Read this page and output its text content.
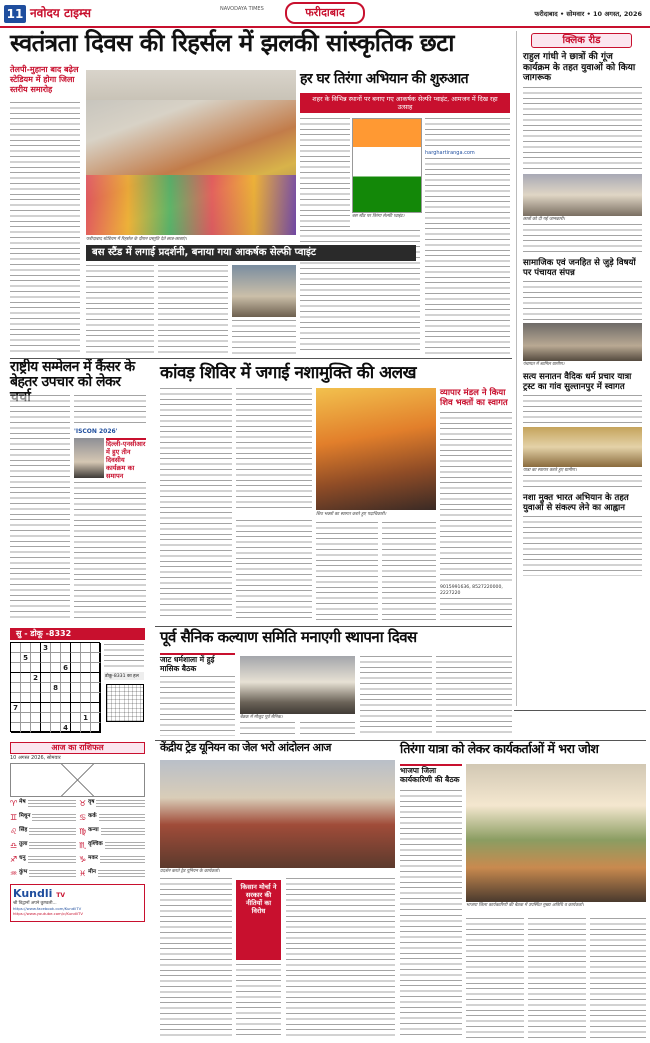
11 नवोदय टाइम्स	NAVODAYA TIMES	फरीदाबाद	फरीदाबाद • सोमवार • 10 अगस्त, 2026
स्वतंत्रता दिवस की रिहर्सल में झलकी सांस्कृतिक छटा
तेलपी-मुहाना बाद बढ़ेल स्टेडियम में होगा जिला स्तरीय समारोह
फरीदाबाद स्टेडियम में रिहर्सल के दौरान प्रस्तुति देते छात्र-छात्राएं।
हर घर तिरंगा अभियान की शुरुआत
शहर के विभिन्न स्थानों पर बनाए गए आकर्षक सेल्फी प्वाइंट, आमजन में दिख रहा उत्साह
बस स्टैंड पर तिरंगा सेल्फी प्वाइंट।
harghartiranga.com
बस स्टैंड में लगाई प्रदर्शनी, बनाया गया आकर्षक सेल्फी प्वाइंट
क्लिक रीड
राहुल गांधी ने छात्रों की गूंज कार्यक्रम के तहत युवाओं को किया जागरूक
छात्रों को दी गई जानकारी।
सामाजिक एवं जनहित से जुड़े विषयों पर पंचायत संपन्न
पंचायत में शामिल ग्रामीण।
सत्य सनातन वैदिक धर्म प्रचार यात्रा ट्रस्ट का गांव सुल्तानपुर में स्वागत
यात्रा का स्वागत करते हुए ग्रामीण।
नशा मुक्त भारत अभियान के तहत युवाओं से संकल्प लेने का आह्वान
राष्ट्रीय सम्मेलन में कैंसर के बेहतर उपचार को लेकर
'ISCON 2026'
दिल्ली-एनसीआर में हुए तीन दिवसीय कार्यक्रम का समापन
कांवड़ शिविर में जगाई नशामुक्ति की अलख
शिव भक्तों का स्वागत करते हुए पदाधिकारी।
व्यापार मंडल ने किया शिव भक्तों का स्वागत
9015991636, 8527220000, 2227220
सु - डोकू -8332
3
5
6
2
8
7
1
4
डोकू-8331 का हल
आज का राशिफल
10 अगस्त 2026, सोमवार
♈ मेष	♉ वृष
♊ मिथुन	♋ कर्क
♌ सिंह	♍ कन्या
♎ तुला	♏ वृश्चिक
♐ धनु	♑ मकर
♒ कुंभ	♓ मीन
Kundli TV
श्री विद्वानों अपने कुण्डली...
https://www.facebook.com/KundliTV
https://www.youtube.com/c/KundliTV
पूर्व सैनिक कल्याण समिति मनाएगी स्थापना दिवस
जाट धर्मशाला में हुई मासिक बैठक
बैठक में मौजूद पूर्व सैनिक।
केंद्रीय ट्रेड यूनियन का जेल भरो आंदोलन आज
प्रदर्शन करते ट्रेड यूनियन के कार्यकर्ता।
किसान मोर्चा ने सरकार की नीतियों का विरोध
तिरंगा यात्रा को लेकर कार्यकर्ताओं में भरा जोश
भाजपा जिला कार्यकारिणी की बैठक
भाजपा जिला कार्यकारिणी की बैठक में उपस्थित मुख्य अतिथि व कार्यकर्ता।
